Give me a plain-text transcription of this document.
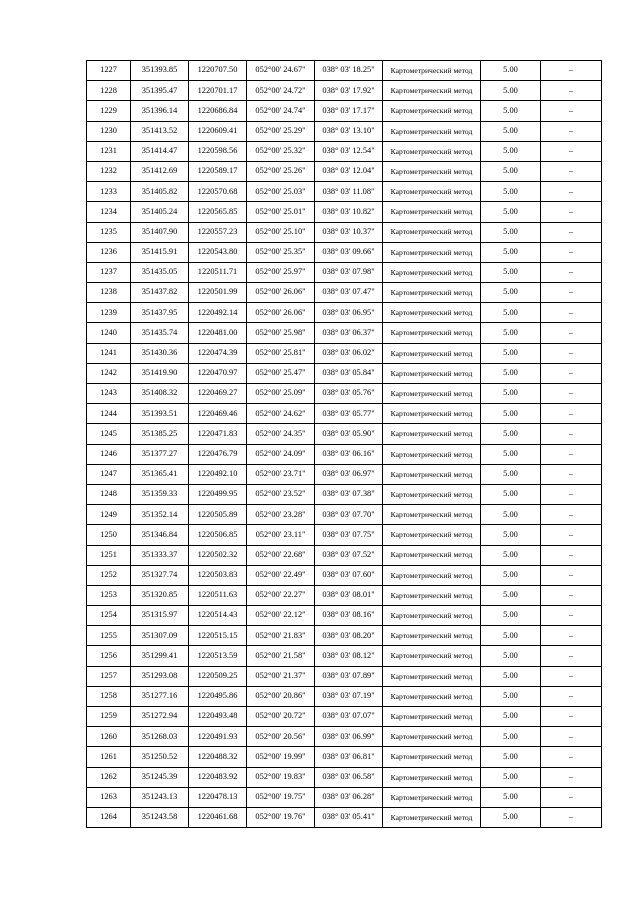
1227	351393.85	1220707.50	052°00' 24.67"	038° 03' 18.25"	Картометрический метод	5.00	–
1228	351395.47	1220701.17	052°00' 24.72"	038° 03' 17.92"	Картометрический метод	5.00	–
1229	351396.14	1220686.84	052°00' 24.74"	038° 03' 17.17"	Картометрический метод	5.00	–
1230	351413.52	1220609.41	052°00' 25.29"	038° 03' 13.10"	Картометрический метод	5.00	–
1231	351414.47	1220598.56	052°00' 25.32"	038° 03' 12.54"	Картометрический метод	5.00	–
1232	351412.69	1220589.17	052°00' 25.26"	038° 03' 12.04"	Картометрический метод	5.00	–
1233	351405.82	1220570.68	052°00' 25.03"	038° 03' 11.08"	Картометрический метод	5.00	–
1234	351405.24	1220565.85	052°00' 25.01"	038° 03' 10.82"	Картометрический метод	5.00	–
1235	351407.90	1220557.23	052°00' 25.10"	038° 03' 10.37"	Картометрический метод	5.00	–
1236	351415.91	1220543.80	052°00' 25.35"	038° 03' 09.66"	Картометрический метод	5.00	–
1237	351435.05	1220511.71	052°00' 25.97"	038° 03' 07.98"	Картометрический метод	5.00	–
1238	351437.82	1220501.99	052°00' 26.06"	038° 03' 07.47"	Картометрический метод	5.00	–
1239	351437.95	1220492.14	052°00' 26.06"	038° 03' 06.95"	Картометрический метод	5.00	–
1240	351435.74	1220481.00	052°00' 25.98"	038° 03' 06.37"	Картометрический метод	5.00	–
1241	351430.36	1220474.39	052°00' 25.81"	038° 03' 06.02"	Картометрический метод	5.00	–
1242	351419.90	1220470.97	052°00' 25.47"	038° 03' 05.84"	Картометрический метод	5.00	–
1243	351408.32	1220469.27	052°00' 25.09"	038° 03' 05.76"	Картометрический метод	5.00	–
1244	351393.51	1220469.46	052°00' 24.62"	038° 03' 05.77"	Картометрический метод	5.00	–
1245	351385.25	1220471.83	052°00' 24.35"	038° 03' 05.90"	Картометрический метод	5.00	–
1246	351377.27	1220476.79	052°00' 24.09"	038° 03' 06.16"	Картометрический метод	5.00	–
1247	351365.41	1220492.10	052°00' 23.71"	038° 03' 06.97"	Картометрический метод	5.00	–
1248	351359.33	1220499.95	052°00' 23.52"	038° 03' 07.38"	Картометрический метод	5.00	–
1249	351352.14	1220505.89	052°00' 23.28"	038° 03' 07.70"	Картометрический метод	5.00	–
1250	351346.84	1220506.85	052°00' 23.11"	038° 03' 07.75"	Картометрический метод	5.00	–
1251	351333.37	1220502.32	052°00' 22.68"	038° 03' 07.52"	Картометрический метод	5.00	–
1252	351327.74	1220503.83	052°00' 22.49"	038° 03' 07.60"	Картометрический метод	5.00	–
1253	351320.85	1220511.63	052°00' 22.27"	038° 03' 08.01"	Картометрический метод	5.00	–
1254	351315.97	1220514.43	052°00' 22.12"	038° 03' 08.16"	Картометрический метод	5.00	–
1255	351307.09	1220515.15	052°00' 21.83"	038° 03' 08.20"	Картометрический метод	5.00	–
1256	351299.41	1220513.59	052°00' 21.58"	038° 03' 08.12"	Картометрический метод	5.00	–
1257	351293.08	1220509.25	052°00' 21.37"	038° 03' 07.89"	Картометрический метод	5.00	–
1258	351277.16	1220495.86	052°00' 20.86"	038° 03' 07.19"	Картометрический метод	5.00	–
1259	351272.94	1220493.48	052°00' 20.72"	038° 03' 07.07"	Картометрический метод	5.00	–
1260	351268.03	1220491.93	052°00' 20.56"	038° 03' 06.99"	Картометрический метод	5.00	–
1261	351250.52	1220488.32	052°00' 19.99"	038° 03' 06.81"	Картометрический метод	5.00	–
1262	351245.39	1220483.92	052°00' 19.83"	038° 03' 06.58"	Картометрический метод	5.00	–
1263	351243.13	1220478.13	052°00' 19.75"	038° 03' 06.28"	Картометрический метод	5.00	–
1264	351243.58	1220461.68	052°00' 19.76"	038° 03' 05.41"	Картометрический метод	5.00	–
